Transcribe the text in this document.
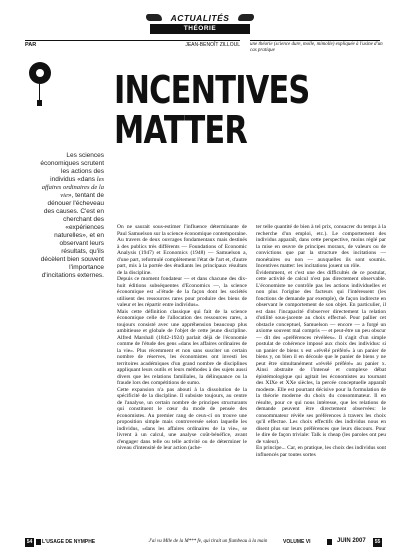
ACTUALITÉS
THÉORIE
PAR	JEAN-BENOÎT ZILLOUL une théorie (science dure, molle, mimolle) expliquée à l'usine d'un cas pratique
INCENTIVES
MATTER
Les sciences économiques scrutent les actions des individus «dans les affaires ordinaires de la vie», tentant de dénouer l'écheveau des causes. C'est en cherchant des «expériences naturelles», et en observant leurs résultats, qu'ils décèlent bien souvent l'importance d'incitations externes.

On ne saurait sous-estimer l'influence déterminante de Paul Samuelson sur la science économique contemporaine. Au travers de deux ouvrages fondamentaux mais destinés à des publics très différents — Foundations of Economic Analysis (1947) et Economics (1948) — Samuelson a, d'une part, reformulé complètement l'état de l'art et, d'autre part, mis à la portée des étudiants les principaux résultats de la discipline.

Depuis ce moment fondateur — et dans chacune des dix-huit éditions subséquentes d'Economics —, la science économique est «l'étude de la façon dont les sociétés utilisent des ressources rares pour produire des biens de valeur et les répartir entre individus».

Mais cette définition classique qui fait de la science économique celle de l'allocation des ressources rares, a toujours consisté avec une appréhension beaucoup plus ambitieuse et globale de l'objet de cette jeune discipline. Alfred Marshall (1842-1924) parlait déjà de l'économie comme de l'étude des gens «dans les affaires ordinaires de la vie». Plus récemment et non sans susciter un certain nombre de réserves, les économistes ont investi les territoires académiques d'un grand nombre de disciplines appliquant leurs outils et leurs méthodes à des sujets aussi divers que les relations familiales, la délinquance ou la fraude lors des compétitions de sumo.

Cette expansion n'a pas abouti à la dissolution de la spécificité de la discipline. Il subsiste toujours, au centre de l'analyse, un certain nombre de principes structurants qui constituent le cœur du mode de pensée des économistes. Au premier rang de ceux-ci on trouve une proposition simple mais controversée selon laquelle les individus, «dans les affaires ordinaires de la vie», se livrent à un calcul, une analyse coût-bénéfice, avant d'engager dans telle ou telle activité ou de déterminer le niveau d'intensité de leur action (ache-

ter telle quantité de bien à tel prix, consacrer du temps à la recherche d'un emploi, etc.). Le comportement des individus apparaît, dans cette perspective, moins réglé par la mise en œuvre de principes moraux, de valeurs ou de convictions que par la structure des incitations — monétaires ou non — auxquelles ils sont soumis. Incentives matter: les incitations jouent un rôle.

Évidemment, et c'est une des difficultés de ce postulat, cette activité de calcul n'est pas directement observable. L'économiste ne contrôle pas les actions individuelles et non plus l'origine des facteurs qui l'intéressent (les fonctions de demande par exemple), de façon indirecte en observant le comportement de son objet. En particulier, il est dans l'incapacité d'observer directement la relation d'utilité sous-jacente au choix effectué. Pour pallier cet obstacle conceptuel, Samuelson — encore — a forgé un axiome souvent mal compris — et peut-être un peu obscur — dit des «préférences révélées». Il s'agit d'un simple postulat de cohérence imposé aux choix des individus: si un panier de biens x est «révélé préféré» à un panier de biens y, on bien il en découle que le panier de biens y ne peut être simultanément «révélé préféré» au panier x. Ainsi abstraite de l'intensé et complexe débat épistémologique qui agitait les économistes au tournant des XIXe et XXe siècles, la percée conceptuelle apparaît modeste. Elle est pourtant décisive pour la formulation de la théorie moderne du choix du consommateur. Il en résulte, pour ce qui nous intéresse, que les relations de demande peuvent être directement observées: le consommateur révèle ses préférences à travers les choix qu'il effectue. Les choix effectifs des individus nous en disent plus sur leurs préférences que leurs discours. Pour le dire de façon triviale: Talk is cheap (les paroles ont peu de valeur).

En principe... Car, en pratique, les choix des individus sont influencés par toutes sortes

54	L'USAGE DE NYMPHE	J'ai vu Mlle de la M*** fe, qui tirait un flambeau à la main	VOLUME VI	JUIN 2007	55
